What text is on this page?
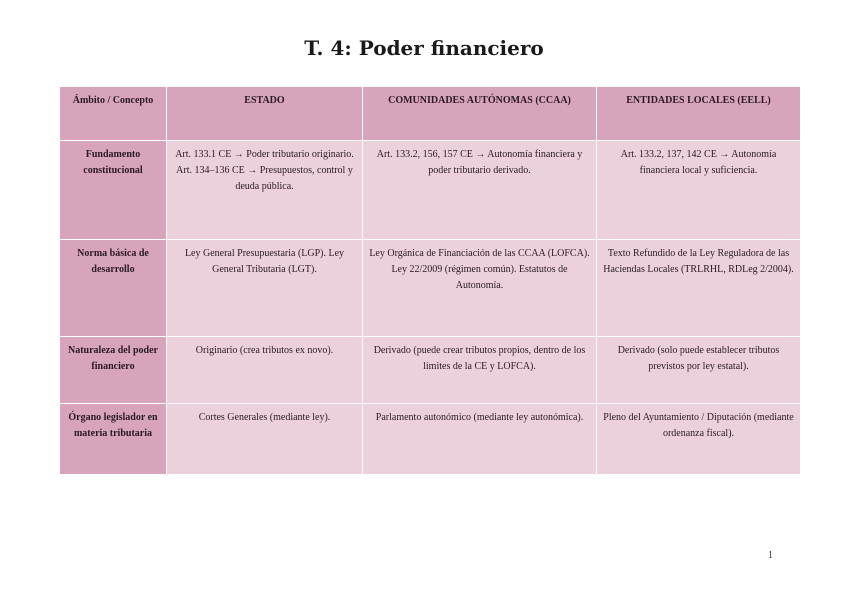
T. 4: Poder financiero
Ámbito / Concepto	ESTADO	COMUNIDADES AUTÓNOMAS (CCAA)	ENTIDADES LOCALES (EELL)
Fundamento constitucional	Art. 133.1 CE → Poder tributario originario. Art. 134–136 CE → Presupuestos, control y deuda pública.	Art. 133.2, 156, 157 CE → Autonomía financiera y poder tributario derivado.	Art. 133.2, 137, 142 CE → Autonomía financiera local y suficiencia.
Norma básica de desarrollo	Ley General Presupuestaria (LGP). Ley General Tributaria (LGT).	Ley Orgánica de Financiación de las CCAA (LOFCA). Ley 22/2009 (régimen común). Estatutos de Autonomía.	Texto Refundido de la Ley Reguladora de las Haciendas Locales (TRLRHL, RDLeg 2/2004).
Naturaleza del poder financiero	Originario (crea tributos ex novo).	Derivado (puede crear tributos propios, dentro de los límites de la CE y LOFCA).	Derivado (solo puede establecer tributos previstos por ley estatal).
Órgano legislador en materia tributaria	Cortes Generales (mediante ley).	Parlamento autonómico (mediante ley autonómica).	Pleno del Ayuntamiento / Diputación (mediante ordenanza fiscal).
1
